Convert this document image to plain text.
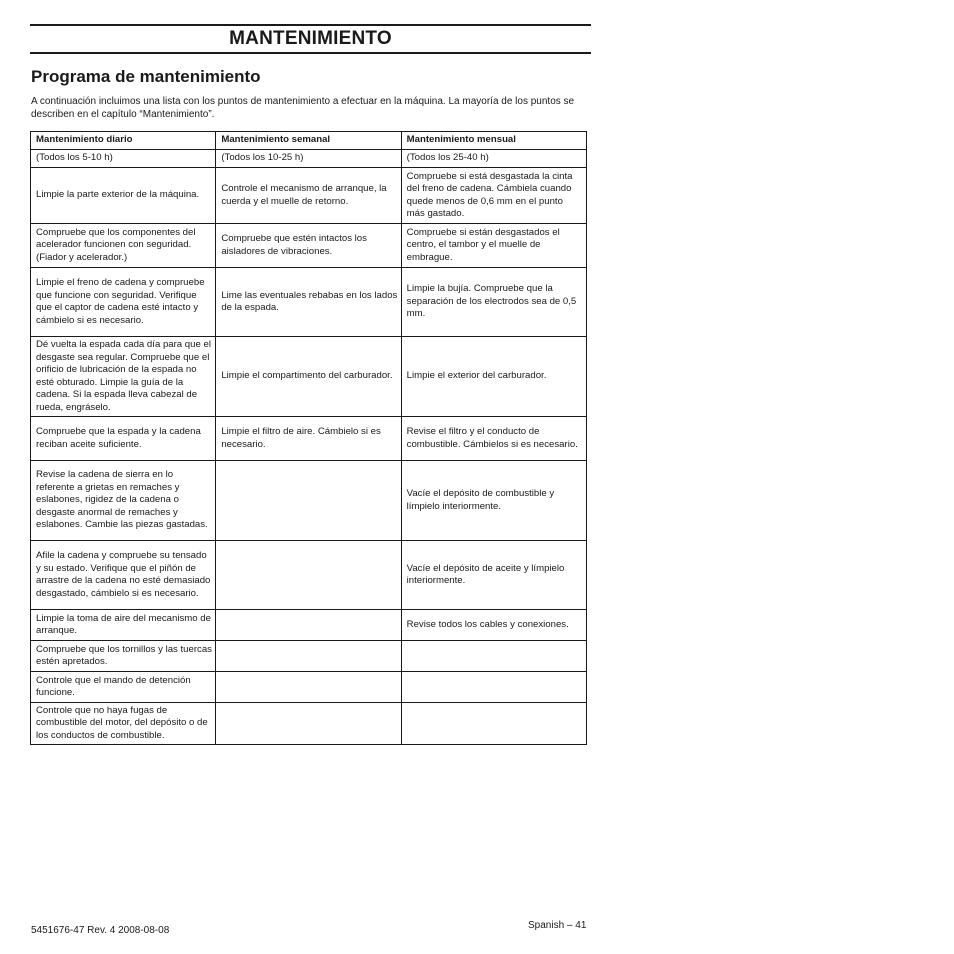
MANTENIMIENTO
Programa de mantenimiento
A continuación incluimos una lista con los puntos de mantenimiento a efectuar en la máquina. La mayoría de los puntos se describen en el capítulo “Mantenimiento”.
Mantenimiento diario	Mantenimiento semanal	Mantenimiento mensual
(Todos los 5-10 h)	(Todos los 10-25 h)	(Todos los 25-40 h)
Limpie la parte exterior de la máquina.	Controle el mecanismo de arranque, la cuerda y el muelle de retorno.	Compruebe si está desgastada la cinta del freno de cadena. Cámbiela cuando quede menos de 0,6 mm en el punto más gastado.
Compruebe que los componentes del acelerador funcionen con seguridad. (Fiador y acelerador.)	Compruebe que estén intactos los aisladores de vibraciones.	Compruebe si están desgastados el centro, el tambor y el muelle de embrague.
Limpie el freno de cadena y compruebe que funcione con seguridad. Verifique que el captor de cadena esté intacto y cámbielo si es necesario.	Lime las eventuales rebabas en los lados de la espada.	Limpie la bujía. Compruebe que la separación de los electrodos sea de 0,5 mm.
Dé vuelta la espada cada día para que el desgaste sea regular. Compruebe que el orificio de lubricación de la espada no esté obturado. Limpie la guía de la cadena. Si la espada lleva cabezal de rueda, engráselo.	Limpie el compartimento del carburador.	Limpie el exterior del carburador.
Compruebe que la espada y la cadena reciban aceite suficiente.	Limpie el filtro de aire. Cámbielo si es necesario.	Revise el filtro y el conducto de combustible. Cámbielos si es necesario.
Revise la cadena de sierra en lo referente a grietas en remaches y eslabones, rigidez de la cadena o desgaste anormal de remaches y eslabones. Cambie las piezas gastadas.		Vacíe el depósito de combustible y límpielo interiormente.
Afile la cadena y compruebe su tensado y su estado. Verifique que el piñón de arrastre de la cadena no esté demasiado desgastado, cámbielo si es necesario.		Vacíe el depósito de aceite y límpielo interiormente.
Limpie la toma de aire del mecanismo de arranque.		Revise todos los cables y conexiones.
Compruebe que los tornillos y las tuercas estén apretados.		
Controle que el mando de detención funcione.		
Controle que no haya fugas de combustible del motor, del depósito o de los conductos de combustible.		
Spanish – 41
5451676-47 Rev. 4 2008-08-08
